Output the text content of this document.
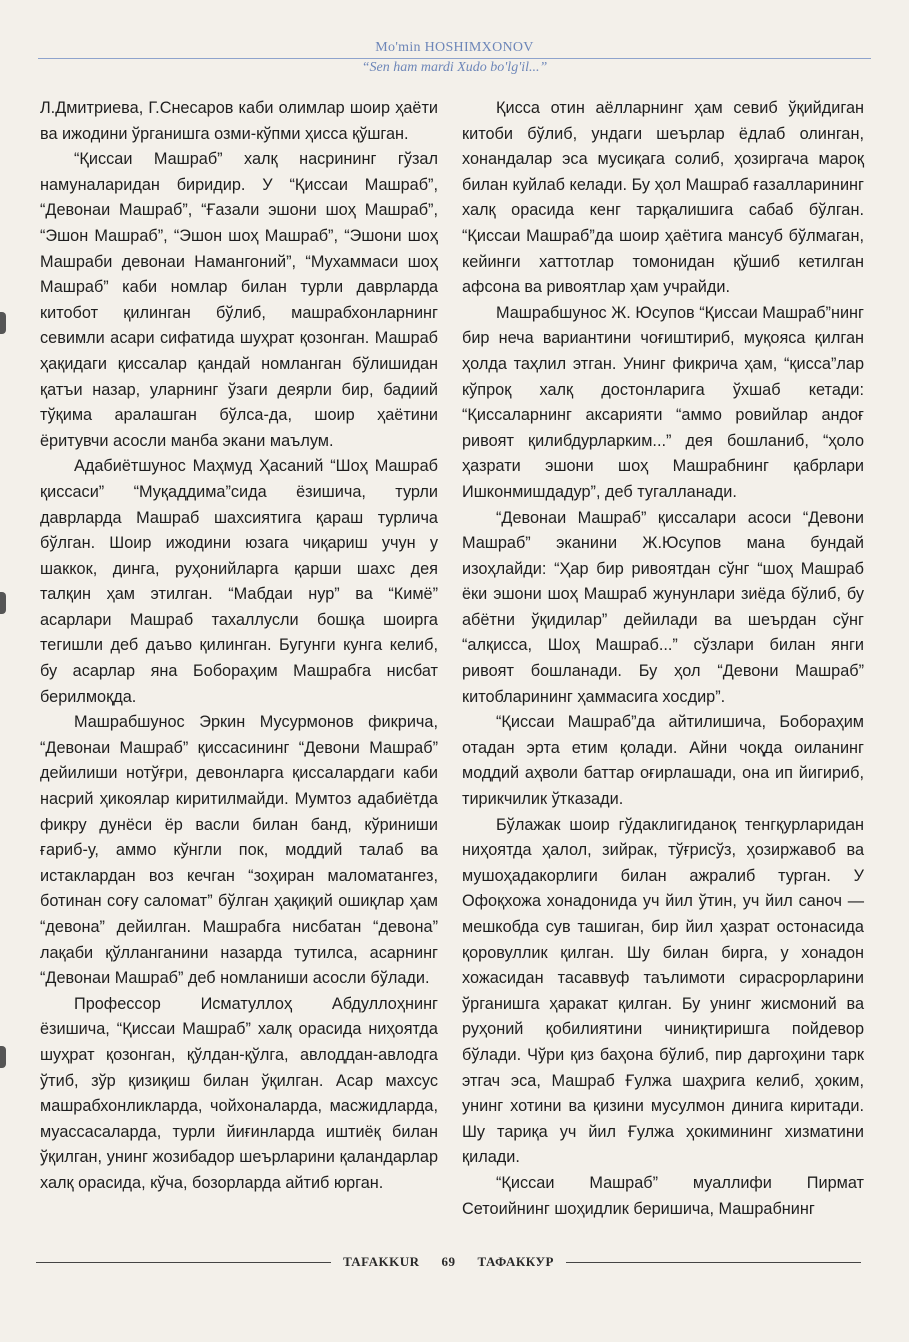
Mo'min HOSHIMXONOV
“Sen ham mardi Xudo bo'lg'il...”

Л.Дмитриева, Г.Снесаров каби олимлар шоир ҳаёти ва ижодини ўрганишга озми-кўпми ҳисса қўшган.

“Қиссаи Машраб” халқ насрининг гўзал намуналаридан биридир. У “Қиссаи Машраб”, “Девонаи Машраб”, “Ғазали эшони шоҳ Машраб”, “Эшон Машраб”, “Эшон шоҳ Машраб”, “Эшони шоҳ Машраби девонаи Намангоний”, “Мухаммаси шоҳ Машраб” каби номлар билан турли даврларда китобот қилинган бўлиб, машрабхонларнинг севимли асари сифатида шуҳрат қозонган. Машраб ҳақидаги қиссалар қандай номланган бўлишидан қатъи назар, уларнинг ўзаги деярли бир, бадиий тўқима аралашган бўлса-да, шоир ҳаётини ёритувчи асосли манба экани маълум.

Адабиётшунос Маҳмуд Ҳасаний “Шоҳ Машраб қиссаси” “Муқаддима”сида ёзишича, турли даврларда Машраб шахсиятига қараш турлича бўлган. Шоир ижодини юзага чиқариш учун у шаккок, динга, руҳонийларга қарши шахс дея талқин ҳам этилган. “Мабдаи нур” ва “Кимё” асарлари Машраб тахаллусли бошқа шоирга тегишли деб даъво қилинган. Бугунги кунга келиб, бу асарлар яна Бобораҳим Машрабга нисбат берилмоқда.

Машрабшунос Эркин Мусурмонов фикрича, “Девонаи Машраб” қиссасининг “Девони Машраб” дейилиши нотўғри, девонларга қиссалардаги каби насрий ҳикоялар киритилмайди. Мумтоз адабиётда фикру дунёси ёр васли билан банд, кўриниши ғариб-у, аммо кўнгли пок, моддий талаб ва истаклардан воз кечган “зоҳиран маломатангез, ботинан соғу саломат” бўлган ҳақиқий ошиқлар ҳам “девона” дейилган. Машрабга нисбатан “девона” лақаби қўлланганини назарда тутилса, асарнинг “Девонаи Машраб” деб номланиши асосли бўлади.

Профессор Исматуллоҳ Абдуллоҳнинг ёзишича, “Қиссаи Машраб” халқ орасида ниҳоятда шуҳрат қозонган, қўлдан-қўлга, авлоддан-авлодга ўтиб, зўр қизиқиш билан ўқилган. Асар махсус машрабхонликларда, чойхоналарда, масжидларда, муассасаларда, турли йиғинларда иштиёқ билан ўқилган, унинг жозибадор шеърларини қаландарлар халқ орасида, кўча, бозорларда айтиб юрган.

Қисса отин аёлларнинг ҳам севиб ўқийдиган китоби бўлиб, ундаги шеърлар ёдлаб олинган, хонандалар эса мусиқага солиб, ҳозиргача мароқ билан куйлаб келади. Бу ҳол Машраб ғазалларининг халқ орасида кенг тарқалишига сабаб бўлган. “Қиссаи Машраб”да шоир ҳаётига мансуб бўлмаган, кейинги хаттотлар томонидан қўшиб кетилган афсона ва ривоятлар ҳам учрайди.

Машрабшунос Ж. Юсупов “Қиссаи Машраб”нинг бир неча вариантини чоғиштириб, муқояса қилган ҳолда таҳлил этган. Унинг фикрича ҳам, “қисса”лар кўпроқ халқ достонларига ўхшаб кетади: “Қиссаларнинг аксарияти “аммо ровийлар андоғ ривоят қилибдурларким...” дея бошланиб, “ҳоло ҳазрати эшони шоҳ Машрабнинг қабрлари Ишконмишдадур”, деб тугалланади.

“Девонаи Машраб” қиссалари асоси “Девони Машраб” эканини Ж.Юсупов мана бундай изоҳлайди: “Ҳар бир ривоятдан сўнг “шоҳ Машраб ёки эшони шоҳ Машраб жунунлари зиёда бўлиб, бу абётни ўқидилар” дейилади ва шеърдан сўнг “алқисса, Шоҳ Машраб...” сўзлари билан янги ривоят бошланади. Бу ҳол “Девони Машраб” китобларининг ҳаммасига хосдир”.

“Қиссаи Машраб”да айтилишича, Бобораҳим отадан эрта етим қолади. Айни чоқда оиланинг моддий аҳволи баттар оғирлашади, она ип йигириб, тирикчилик ўтказади.

Бўлажак шоир гўдаклигиданоқ тенгқурларидан ниҳоятда ҳалол, зийрак, тўғрисўз, ҳозиржавоб ва мушоҳадакорлиги билан ажралиб турган. У Офоқхожа хонадонида уч йил ўтин, уч йил саноч — мешкобда сув ташиган, бир йил ҳазрат остонасида қоровуллик қилган. Шу билан бирга, у хонадон хожасидан тасаввуф таълимоти сирасрорларини ўрганишга ҳаракат қилган. Бу унинг жисмоний ва руҳоний қобилиятини чиниқтиришга пойдевор бўлади. Чўри қиз баҳона бўлиб, пир даргоҳини тарк этгач эса, Машраб Ғулжа шаҳрига келиб, ҳоким, унинг хотини ва қизини мусулмон динига киритади. Шу тариқа уч йил Ғулжа ҳокимининг хизматини қилади.

“Қиссаи Машраб” муаллифи Пирмат Сетоийнинг шоҳидлик беришича, Машрабнинг

TAFAKKUR	69	ТАФАККУР
